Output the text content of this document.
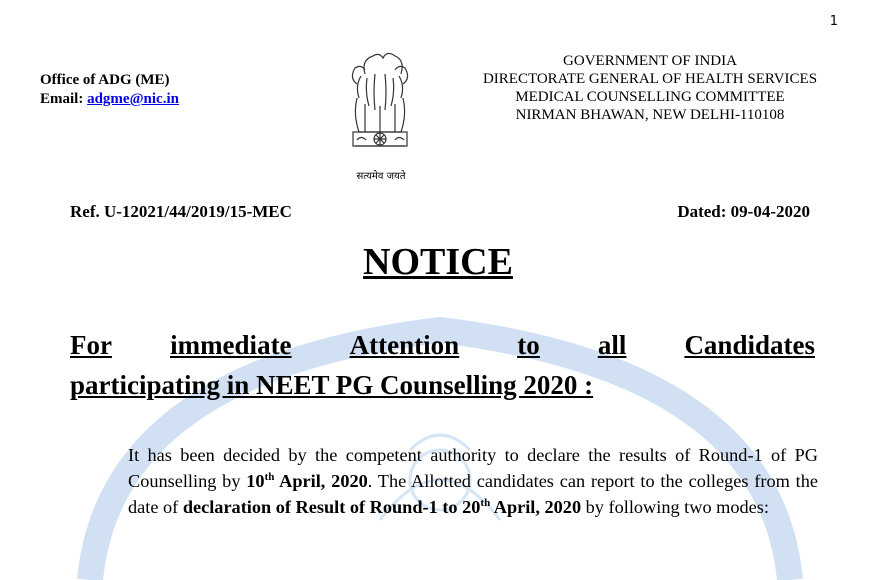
1
Office of ADG (ME)
Email: adgme@nic.in
सत्यमेव जयते
GOVERNMENT OF INDIA
DIRECTORATE GENERAL OF HEALTH SERVICES
MEDICAL COUNSELLING COMMITTEE
NIRMAN BHAWAN, NEW DELHI-110108
Ref. U-12021/44/2019/15-MEC	Dated: 09-04-2020
NOTICE
For immediate Attention to all Candidates
participating in NEET PG Counselling 2020 :
It has been decided by the competent authority to declare the results of Round-1 of PG Counselling by 10th April, 2020. The Allotted candidates can report to the colleges from the date of declaration of Result of Round-1 to 20th April, 2020 by following two modes:
